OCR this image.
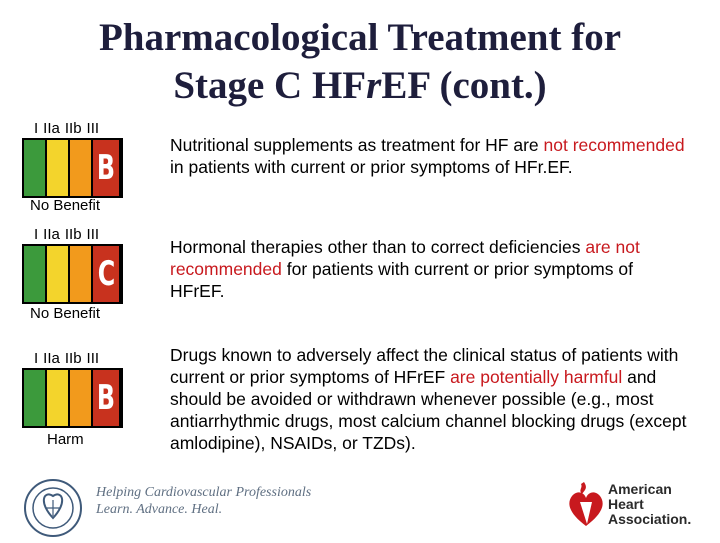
Pharmacological Treatment for
Stage C HFrEF (cont.)
I IIa IIb III
B
No Benefit
Nutritional supplements as treatment for HF are not recommended in patients with current or prior symptoms of HFr.EF.
I IIa IIb III
C
No Benefit
Hormonal therapies other than to correct deficiencies are not recommended for patients with current or prior symptoms of HFrEF.
I IIa IIb III
B
Harm
Drugs known to adversely affect the clinical status of patients with current or prior symptoms of HFrEF are potentially harmful and should be avoided or withdrawn whenever possible (e.g., most antiarrhythmic drugs, most calcium channel blocking drugs (except amlodipine), NSAIDs, or TZDs).
Helping Cardiovascular Professionals
Learn. Advance. Heal.
American
Heart
Association.
